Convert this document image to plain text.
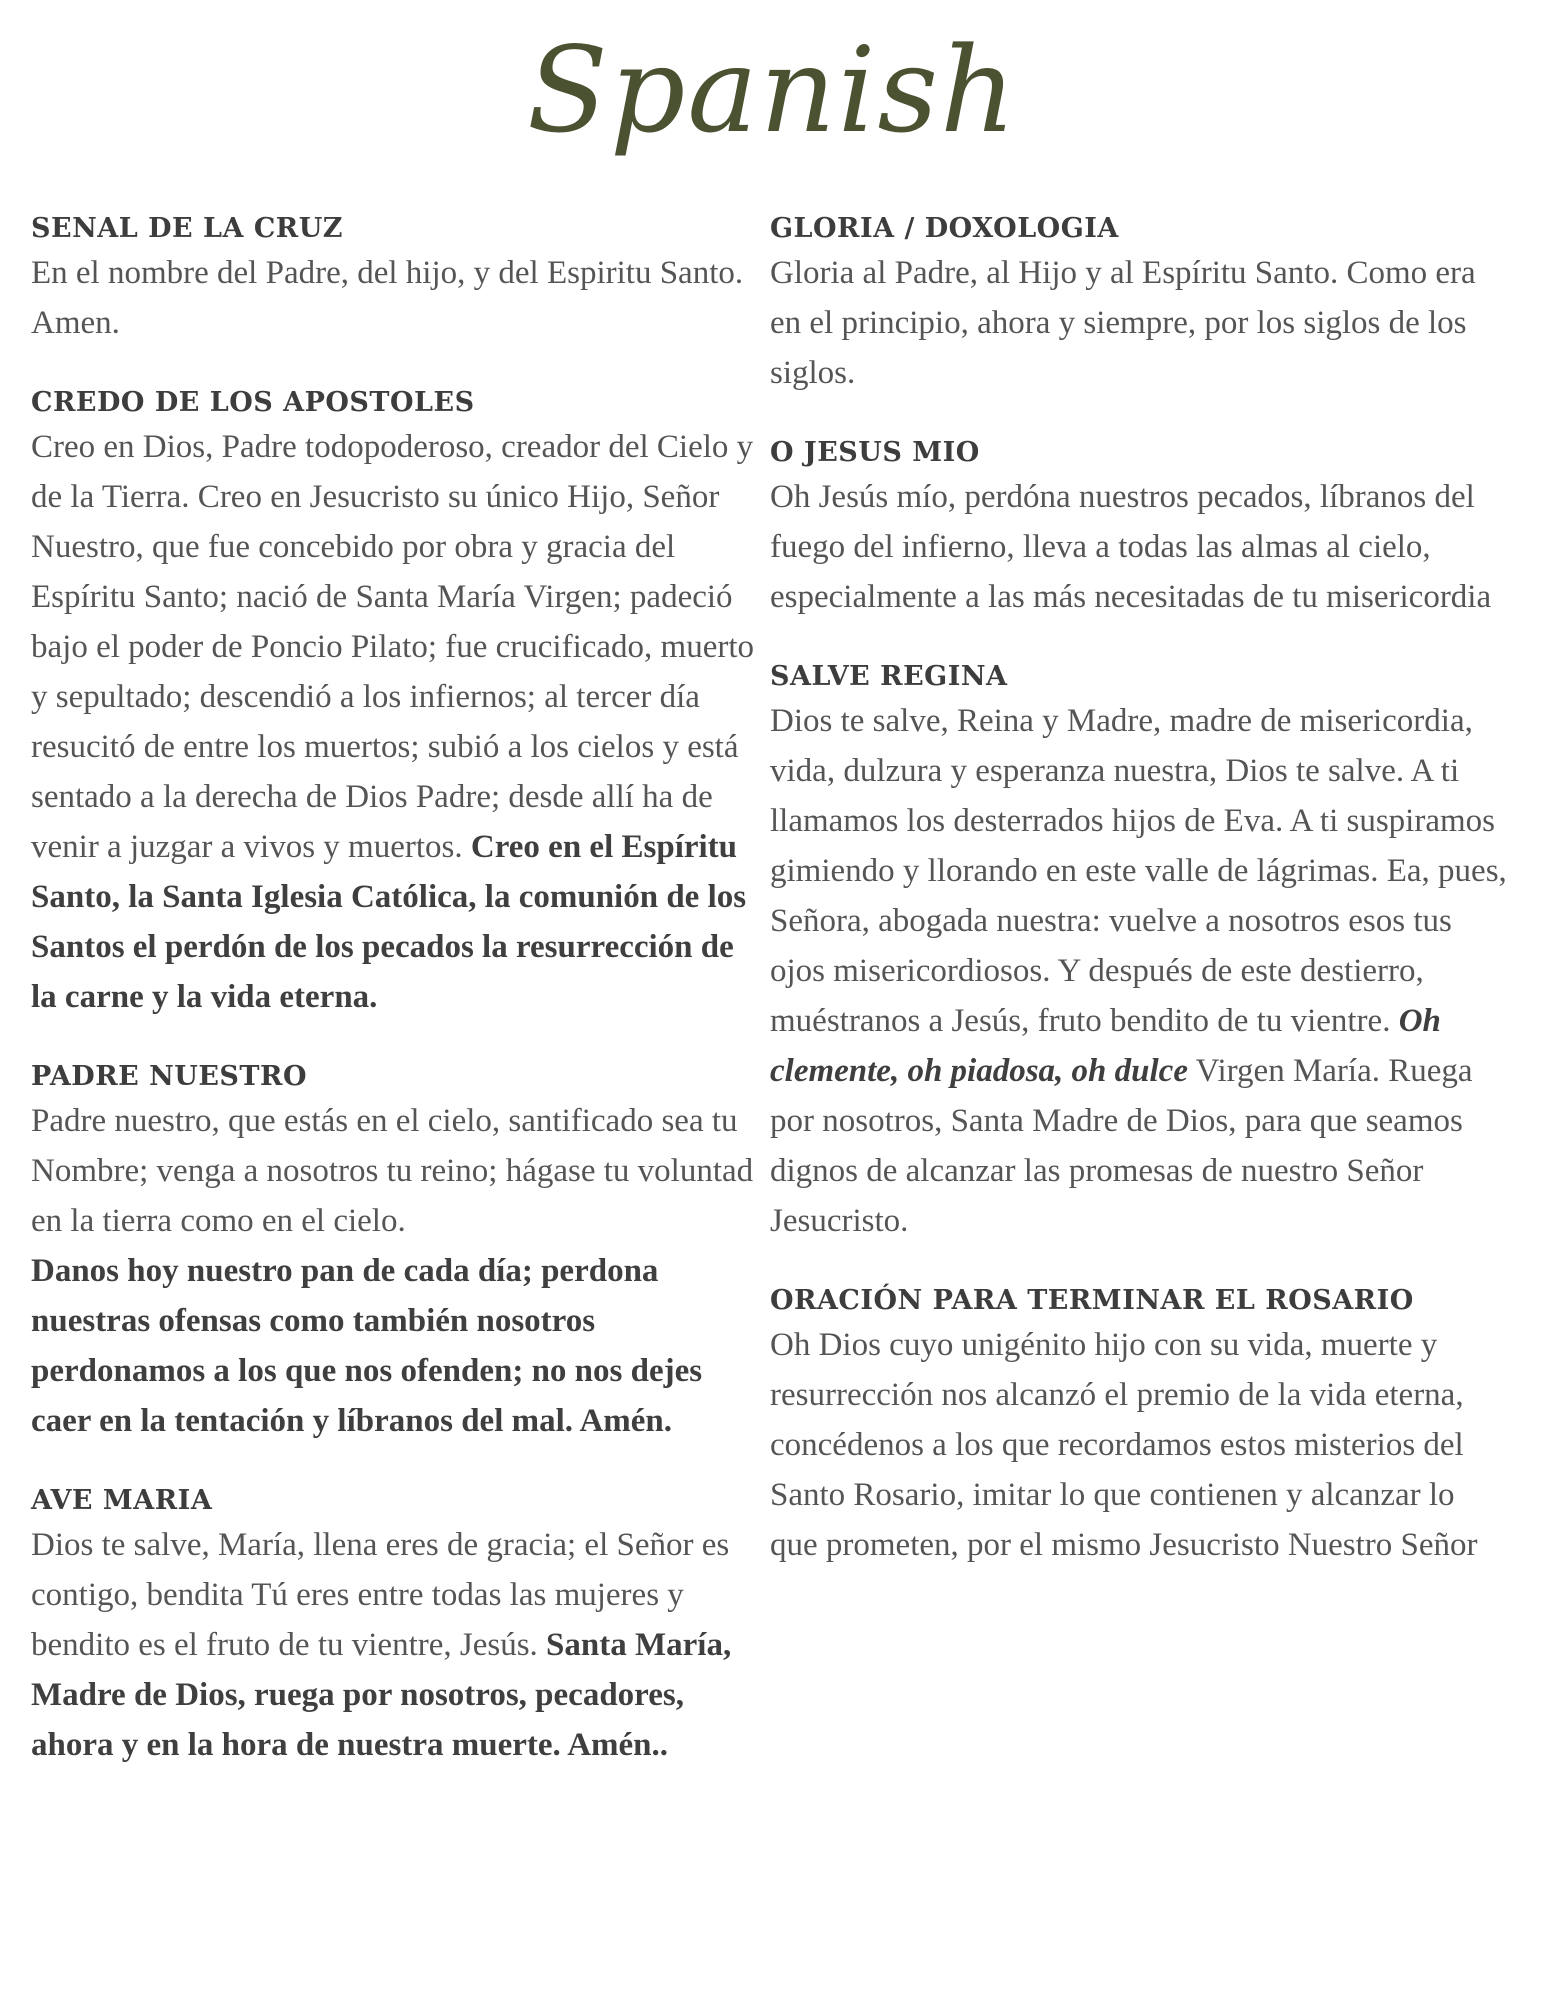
Spanish

SENAL DE LA CRUZ

En el nombre del Padre, del hijo, y del Espiritu Santo. Amen.

CREDO DE LOS APOSTOLES

Creo en Dios, Padre todopoderoso, creador del Cielo y de la Tierra. Creo en Jesucristo su único Hijo, Señor Nuestro, que fue concebido por obra y gracia del Espíritu Santo; nació de Santa María Virgen; padeció bajo el poder de Poncio Pilato; fue crucificado, muerto y sepultado; descendió a los infiernos; al tercer día resucitó de entre los muertos; subió a los cielos y está sentado a la derecha de Dios Padre; desde allí ha de venir a juzgar a vivos y muertos. Creo en el Espíritu Santo, la Santa Iglesia Católica, la comunión de los Santos el perdón de los pecados la resurrección de la carne y la vida eterna.

PADRE NUESTRO

Padre nuestro, que estás en el cielo, santificado sea tu Nombre; venga a nosotros tu reino; hágase tu voluntad en la tierra como en el cielo.

Danos hoy nuestro pan de cada día; perdona nuestras ofensas como también nosotros perdonamos a los que nos ofenden; no nos dejes caer en la tentación y líbranos del mal. Amén.

AVE MARIA

Dios te salve, María, llena eres de gracia; el Señor es contigo, bendita Tú eres entre todas las mujeres y bendito es el fruto de tu vientre, Jesús. Santa María, Madre de Dios, ruega por nosotros, pecadores, ahora y en la hora de nuestra muerte. Amén..

GLORIA / DOXOLOGIA

Gloria al Padre, al Hijo y al Espíritu Santo. Como era en el principio, ahora y siempre, por los siglos de los siglos.

O JESUS MIO

Oh Jesús mío, perdóna nuestros pecados, líbranos del fuego del infierno, lleva a todas las almas al cielo, especialmente a las más necesitadas de tu misericordia

SALVE REGINA

Dios te salve, Reina y Madre, madre de misericordia, vida, dulzura y esperanza nuestra, Dios te salve. A ti llamamos los desterrados hijos de Eva. A ti suspiramos gimiendo y llorando en este valle de lágrimas. Ea, pues, Señora, abogada nuestra: vuelve a nosotros esos tus ojos misericordiosos. Y después de este destierro, muéstranos a Jesús, fruto bendito de tu vientre. Oh clemente, oh piadosa, oh dulce Virgen María. Ruega por nosotros, Santa Madre de Dios, para que seamos dignos de alcanzar las promesas de nuestro Señor Jesucristo.

ORACIÓN PARA TERMINAR EL ROSARIO

Oh Dios cuyo unigénito hijo con su vida, muerte y resurrección nos alcanzó el premio de la vida eterna, concédenos a los que recordamos estos misterios del Santo Rosario, imitar lo que contienen y alcanzar lo que prometen, por el mismo Jesucristo Nuestro Señor
